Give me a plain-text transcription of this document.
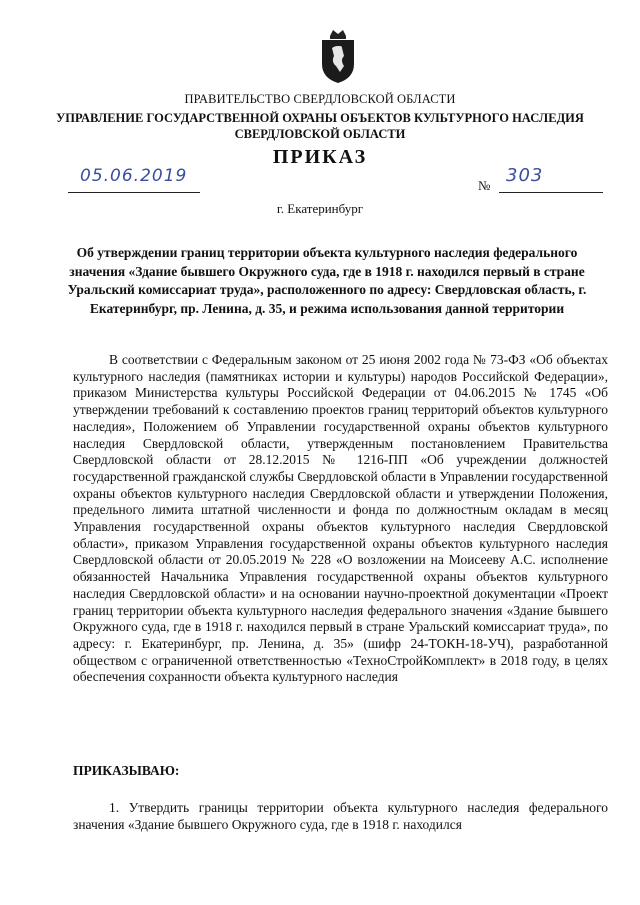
ПРАВИТЕЛЬСТВО СВЕРДЛОВСКОЙ ОБЛАСТИ
УПРАВЛЕНИЕ ГОСУДАРСТВЕННОЙ ОХРАНЫ ОБЪЕКТОВ КУЛЬТУРНОГО НАСЛЕДИЯ
СВЕРДЛОВСКОЙ ОБЛАСТИ
ПРИКАЗ
05.06.2019	№ 303
г. Екатеринбург
Об утверждении границ территории объекта культурного наследия федерального значения «Здание бывшего Окружного суда, где в 1918 г. находился первый в стране Уральский комиссариат труда», расположенного по адресу: Свердловская область, г. Екатеринбург, пр. Ленина, д. 35, и режима использования данной территории
В соответствии с Федеральным законом от 25 июня 2002 года № 73-ФЗ «Об объектах культурного наследия (памятниках истории и культуры) народов Российской Федерации», приказом Министерства культуры Российской Федерации от 04.06.2015 № 1745 «Об утверждении требований к составлению проектов границ территорий объектов культурного наследия», Положением об Управлении государственной охраны объектов культурного наследия Свердловской области, утвержденным постановлением Правительства Свердловской области от 28.12.2015 № 1216-ПП «Об учреждении должностей государственной гражданской службы Свердловской области в Управлении государственной охраны объектов культурного наследия Свердловской области и утверждении Положения, предельного лимита штатной численности и фонда по должностным окладам в месяц Управления государственной охраны объектов культурного наследия Свердловской области», приказом Управления государственной охраны объектов культурного наследия Свердловской области от 20.05.2019 № 228 «О возложении на Моисееву А.С. исполнение обязанностей Начальника Управления государственной охраны объектов культурного наследия Свердловской области» и на основании научно-проектной документации «Проект границ территории объекта культурного наследия федерального значения «Здание бывшего Окружного суда, где в 1918 г. находился первый в стране Уральский комиссариат труда», по адресу: г. Екатеринбург, пр. Ленина, д. 35» (шифр 24-ТОКН-18-УЧ), разработанной обществом с ограниченной ответственностью «ТехноСтройКомплект» в 2018 году, в целях обеспечения сохранности объекта культурного наследия
ПРИКАЗЫВАЮ:
1. Утвердить границы территории объекта культурного наследия федерального значения «Здание бывшего Окружного суда, где в 1918 г. находился
